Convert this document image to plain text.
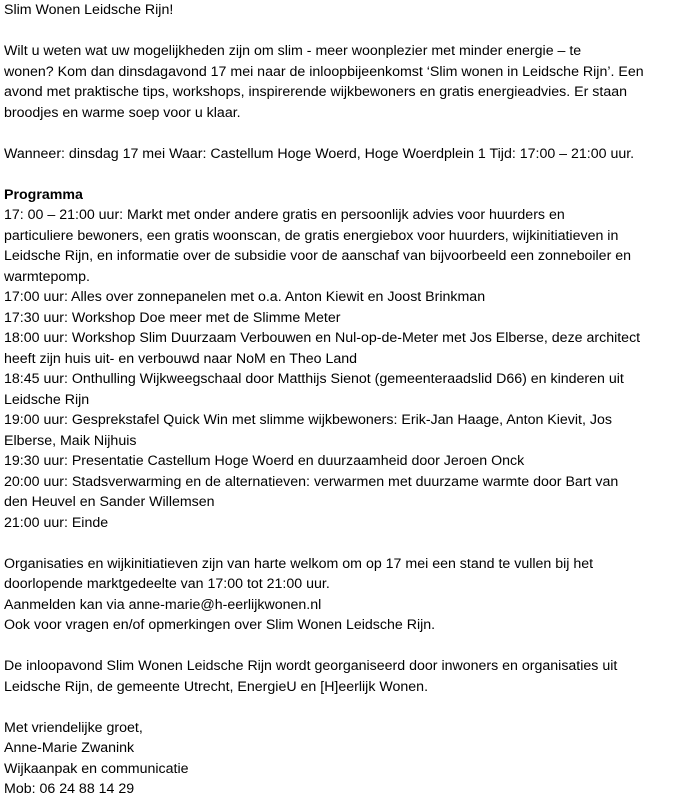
Slim Wonen Leidsche Rijn!
Wilt u weten wat uw mogelijkheden zijn om slim - meer woonplezier met minder energie – te
wonen? Kom dan dinsdagavond 17 mei naar de inloopbijeenkomst ‘Slim wonen in Leidsche Rijn’. Een
avond met praktische tips, workshops, inspirerende wijkbewoners en gratis energieadvies. Er staan
broodjes en warme soep voor u klaar.
Wanneer: dinsdag 17 mei Waar: Castellum Hoge Woerd, Hoge Woerdplein 1 Tijd: 17:00 – 21:00 uur.
Programma
17: 00 – 21:00 uur: Markt met onder andere gratis en persoonlijk advies voor huurders en
particuliere bewoners, een gratis woonscan, de gratis energiebox voor huurders, wijkinitiatieven in
Leidsche Rijn, en informatie over de subsidie voor de aanschaf van bijvoorbeeld een zonneboiler en
warmtepomp.
17:00 uur: Alles over zonnepanelen met o.a. Anton Kiewit en Joost Brinkman
17:30 uur: Workshop Doe meer met de Slimme Meter
18:00 uur: Workshop Slim Duurzaam Verbouwen en Nul-op-de-Meter met Jos Elberse, deze architect
heeft zijn huis uit- en verbouwd naar NoM en Theo Land
18:45 uur: Onthulling Wijkweegschaal door Matthijs Sienot (gemeenteraadslid D66) en kinderen uit
Leidsche Rijn
19:00 uur: Gesprekstafel Quick Win met slimme wijkbewoners: Erik-Jan Haage, Anton Kievit, Jos
Elberse, Maik Nijhuis
19:30 uur: Presentatie Castellum Hoge Woerd en duurzaamheid door Jeroen Onck
20:00 uur: Stadsverwarming en de alternatieven: verwarmen met duurzame warmte door Bart van
den Heuvel en Sander Willemsen
21:00 uur: Einde
Organisaties en wijkinitiatieven zijn van harte welkom om op 17 mei een stand te vullen bij het
doorlopende marktgedeelte van 17:00 tot 21:00 uur.
Aanmelden kan via anne-marie@h-eerlijkwonen.nl
Ook voor vragen en/of opmerkingen over Slim Wonen Leidsche Rijn.
De inloopavond Slim Wonen Leidsche Rijn wordt georganiseerd door inwoners en organisaties uit
Leidsche Rijn, de gemeente Utrecht, EnergieU en [H]eerlijk Wonen.
Met vriendelijke groet,
Anne-Marie Zwanink
Wijkaanpak en communicatie
Mob: 06 24 88 14 29
